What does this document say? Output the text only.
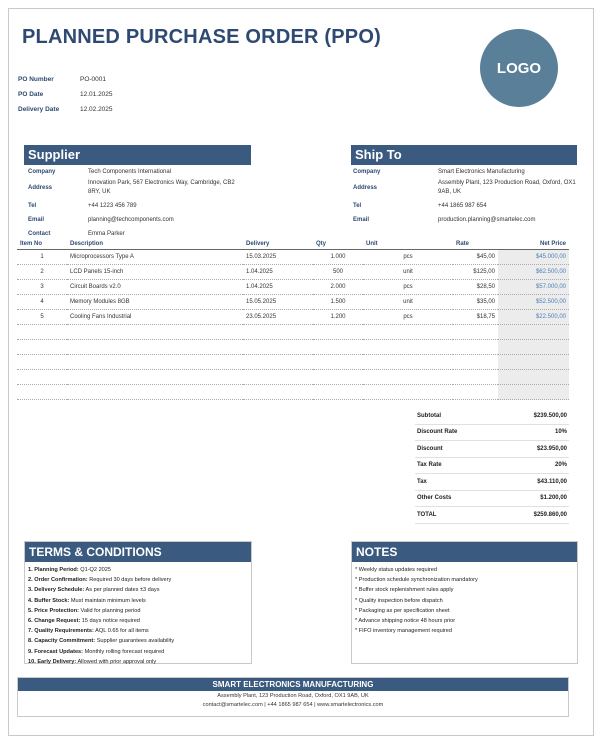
PLANNED PURCHASE ORDER (PPO)
LOGO
PO Number	PO-0001
PO Date	12.01.2025
Delivery Date	12.02.2025
Supplier
Company	Tech Components International
Address
Innovation Park, 567 Electronics Way, Cambridge, CB2 8RY, UK
Tel	+44 1223 456 789
Email	planning@techcomponents.com
Contact	Emma Parker
Ship To
Company	Smart Electronics Manufacturing
Address
Assembly Plant, 123 Production Road, Oxford, OX1 9AB, UK
Tel	+44 1865 987 654
Email	production.planning@smartelec.com
Item No	Description	Delivery	Qty	Unit	Rate	Net Price
1	Microprocessors Type A	15.03.2025	1.000	pcs	$45,00	$45.000,00
2	LCD Panels 15-inch	1.04.2025	500	unit	$125,00	$62.500,00
3	Circuit Boards v2.0	1.04.2025	2.000	pcs	$28,50	$57.000,00
4	Memory Modules 8GB	15.05.2025	1.500	unit	$35,00	$52.500,00
5	Cooling Fans Industrial	23.05.2025	1.200	pcs	$18,75	$22.500,00

Subtotal	$239.500,00
Discount Rate	10%
Discount	$23.950,00
Tax Rate	20%
Tax	$43.110,00
Other Costs	$1.200,00
TOTAL	$259.860,00
TERMS & CONDITIONS
1. Planning Period: Q1-Q2 2025
2. Order Confirmation: Required 30 days before delivery
3. Delivery Schedule: As per planned dates ±3 days
4. Buffer Stock: Must maintain minimum levels
5. Price Protection: Valid for planning period
6. Change Request: 15 days notice required
7. Quality Requirements: AQL 0.65 for all items
8. Capacity Commitment: Supplier guarantees availability
9. Forecast Updates: Monthly rolling forecast required
10. Early Delivery: Allowed with prior approval only
NOTES
* Weekly status updates required
* Production schedule synchronization mandatory
* Buffer stock replenishment rules apply
* Quality inspection before dispatch
* Packaging as per specification sheet
* Advance shipping notice 48 hours prior
* FIFO inventory management required
SMART ELECTRONICS MANUFACTURING
Assembly Plant, 123 Production Road, Oxford, OX1 9AB, UK
contact@smartelec.com | +44 1865 987 654 | www.smartelectronics.com
